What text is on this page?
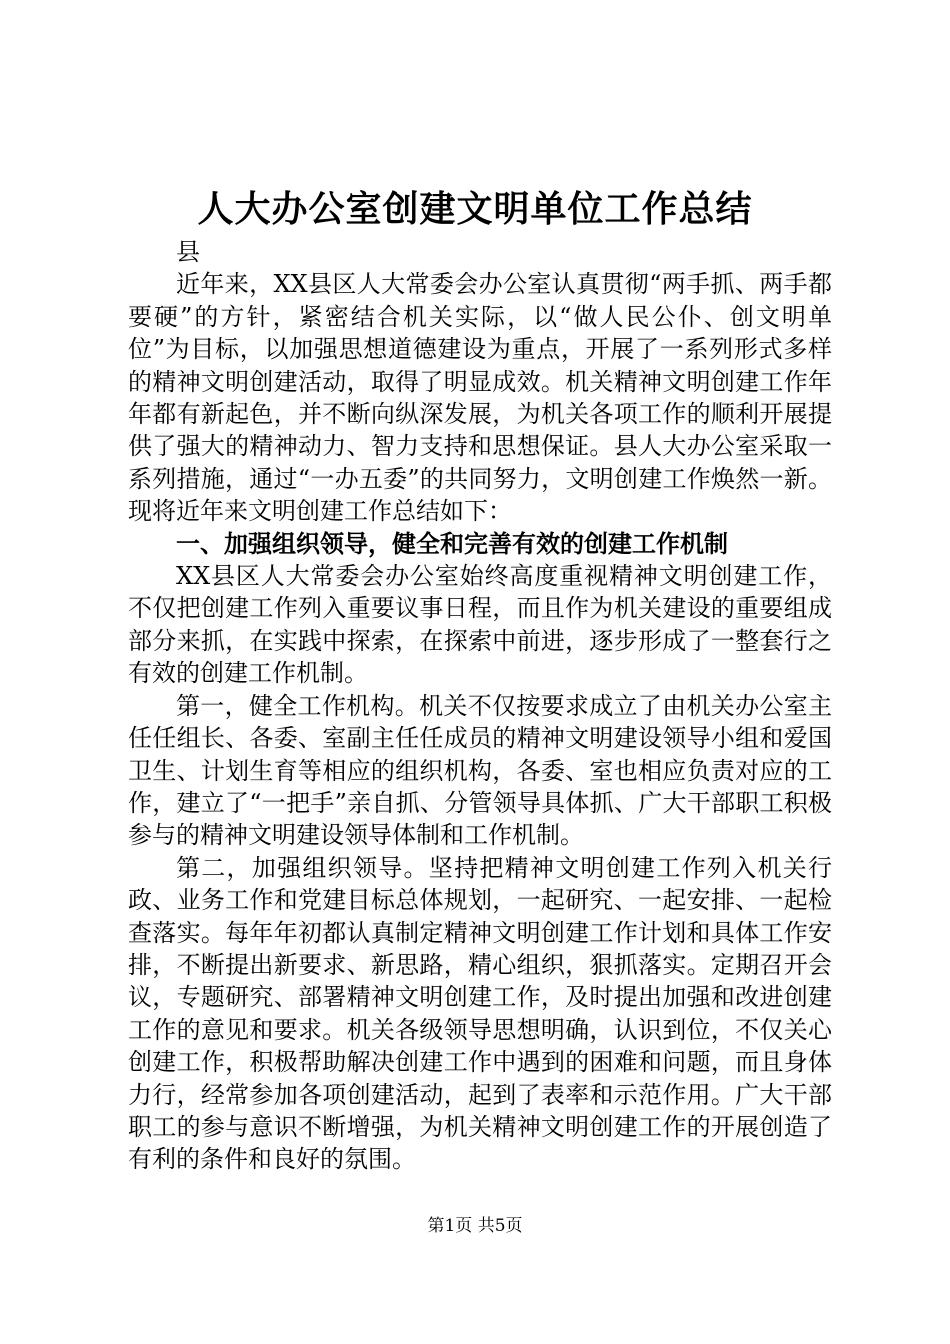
人大办公室创建文明单位工作总结

县

近年来，XX县区人大常委会办公室认真贯彻“两手抓、两手都要硬”的方针，紧密结合机关实际，以“做人民公仆、创文明单位”为目标，以加强思想道德建设为重点，开展了一系列形式多样的精神文明创建活动，取得了明显成效。机关精神文明创建工作年年都有新起色，并不断向纵深发展，为机关各项工作的顺利开展提供了强大的精神动力、智力支持和思想保证。县人大办公室采取一系列措施，通过“一办五委”的共同努力，文明创建工作焕然一新。现将近年来文明创建工作总结如下：

一、加强组织领导，健全和完善有效的创建工作机制

XX县区人大常委会办公室始终高度重视精神文明创建工作，不仅把创建工作列入重要议事日程，而且作为机关建设的重要组成部分来抓，在实践中探索，在探索中前进，逐步形成了一整套行之有效的创建工作机制。

第一，健全工作机构。机关不仅按要求成立了由机关办公室主任任组长、各委、室副主任任成员的精神文明建设领导小组和爱国卫生、计划生育等相应的组织机构，各委、室也相应负责对应的工作，建立了“一把手”亲自抓、分管领导具体抓、广大干部职工积极参与的精神文明建设领导体制和工作机制。

第二，加强组织领导。坚持把精神文明创建工作列入机关行政、业务工作和党建目标总体规划，一起研究、一起安排、一起检查落实。每年年初都认真制定精神文明创建工作计划和具体工作安排，不断提出新要求、新思路，精心组织，狠抓落实。定期召开会议，专题研究、部署精神文明创建工作，及时提出加强和改进创建工作的意见和要求。机关各级领导思想明确，认识到位，不仅关心创建工作，积极帮助解决创建工作中遇到的困难和问题，而且身体力行，经常参加各项创建活动，起到了表率和示范作用。广大干部职工的参与意识不断增强，为机关精神文明创建工作的开展创造了有利的条件和良好的氛围。

第1页 共5页
